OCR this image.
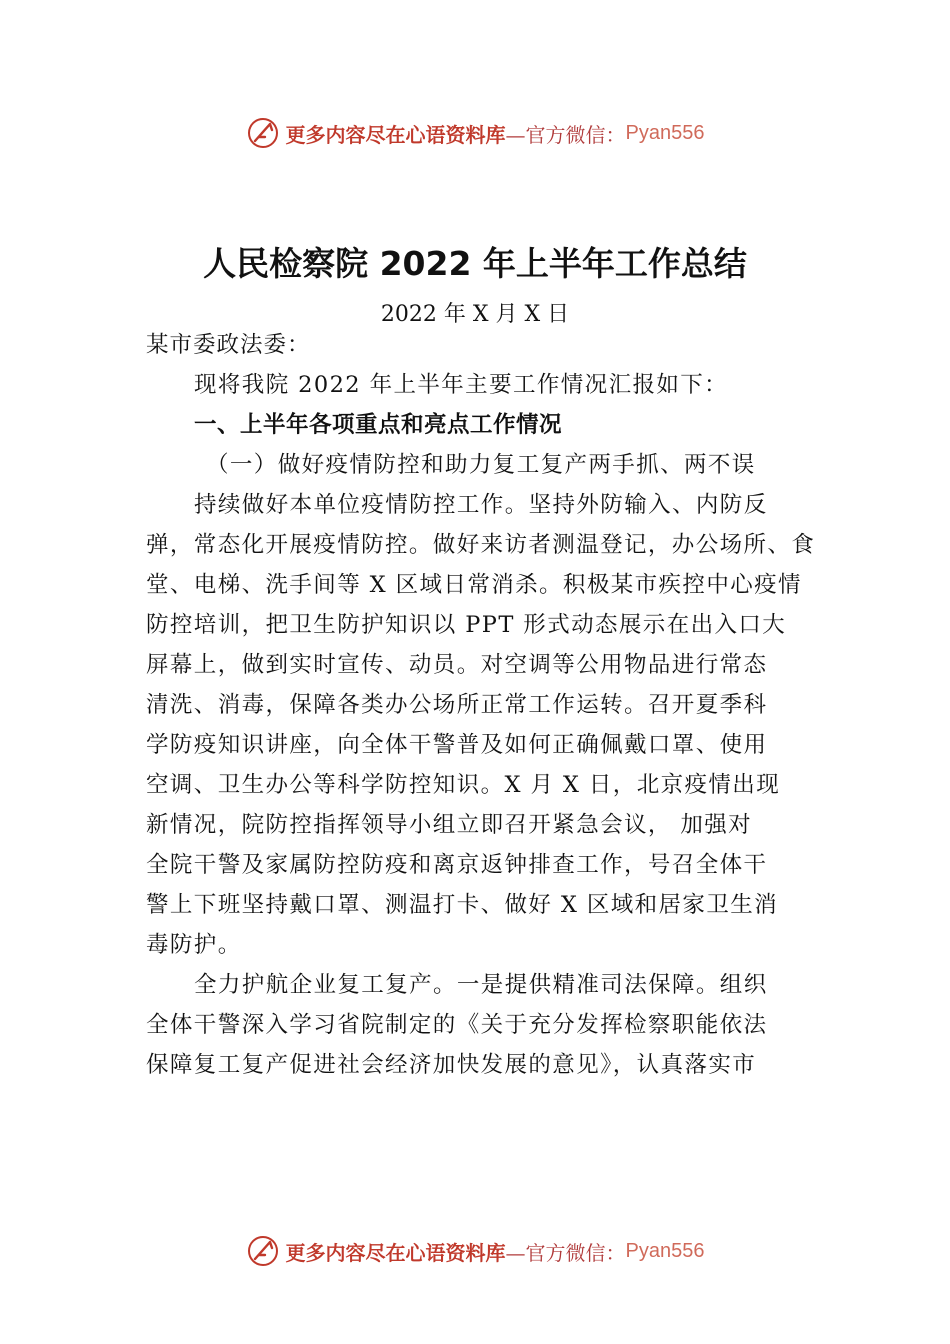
更多内容尽在心语资料库 —官方微信： Pyan556
人民检察院 2022 年上半年工作总结
2022 年 X 月 X 日
某市委政法委：
现将我院 2022 年上半年主要工作情况汇报如下：
一、上半年各项重点和亮点工作情况
（一）做好疫情防控和助力复工复产两手抓、两不误
持续做好本单位疫情防控工作。坚持外防输入、内防反
弹，常态化开展疫情防控。做好来访者测温登记，办公场所、食
堂、电梯、洗手间等 X 区域日常消杀。积极某市疾控中心疫情
防控培训，把卫生防护知识以 PPT 形式动态展示在出入口大
屏幕上，做到实时宣传、动员。对空调等公用物品进行常态
清洗、消毒，保障各类办公场所正常工作运转。召开夏季科
学防疫知识讲座，向全体干警普及如何正确佩戴口罩、使用
空调、卫生办公等科学防控知识。X 月 X 日，北京疫情出现
新情况，院防控指挥领导小组立即召开紧急会议， 加强对
全院干警及家属防控防疫和离京返钟排查工作，号召全体干
警上下班坚持戴口罩、测温打卡、做好 X 区域和居家卫生消
毒防护。
全力护航企业复工复产。一是提供精准司法保障。组织
全体干警深入学习省院制定的《关于充分发挥检察职能依法
保障复工复产促进社会经济加快发展的意见》，认真落实市
更多内容尽在心语资料库 —官方微信： Pyan556
